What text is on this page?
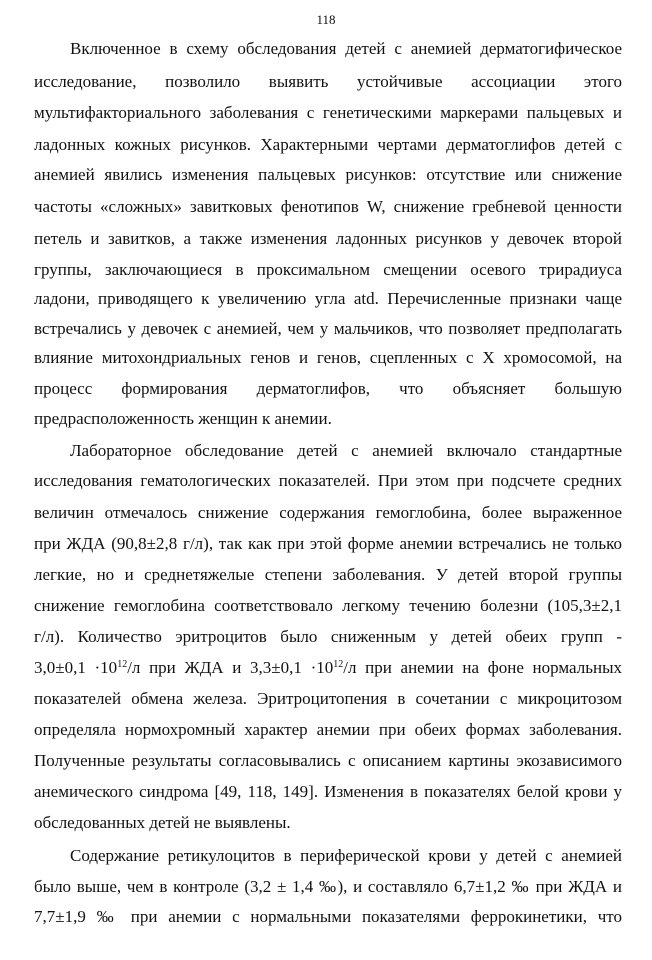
118
Включенное в схему обследования детей с анемией дерматогифическое
исследование, позволило выявить устойчивые ассоциации этого
мультифакториального заболевания с генетическими маркерами пальцевых и
ладонных кожных рисунков. Характерными чертами дерматоглифов детей с
анемией явились изменения пальцевых рисунков: отсутствие или снижение
частоты «сложных» завитковых фенотипов W, снижение гребневой ценности
петель и завитков, а также изменения ладонных рисунков у девочек второй
группы, заключающиеся в проксимальном смещении осевого трирадиуса
ладони, приводящего к увеличению угла atd. Перечисленные признаки чаще
встречались у девочек с анемией, чем у мальчиков, что позволяет предполагать
влияние митохондриальных генов и генов, сцепленных с Х хромосомой, на
процесс формирования дерматоглифов, что объясняет большую
предрасположенность женщин к анемии.
Лабораторное обследование детей с анемией включало стандартные
исследования гематологических показателей. При этом при подсчете средних
величин отмечалось снижение содержания гемоглобина, более выраженное
при ЖДА (90,8±2,8 г/л), так как при этой форме анемии встречались не только
легкие, но и среднетяжелые степени заболевания. У детей второй группы
снижение гемоглобина соответствовало легкому течению болезни (105,3±2,1
г/л). Количество эритроцитов было сниженным у детей обеих групп -
$3,0\pm 0,1 \cdot 10^{12}/л$ при ЖДА и $3,3\pm 0,1 \cdot 10^{12}/л$ при анемии на фоне нормальных
показателей обмена железа. Эритроцитопения в сочетании с микроцитозом
определяла нормохромный характер анемии при обеих формах заболевания.
Полученные результаты согласовывались с описанием картины экозависимого
анемического синдрома [49, 118, 149]. Изменения в показателях белой крови у
обследованных детей не выявлены.
Содержание ретикулоцитов в периферической крови у детей с анемией
было выше, чем в контроле (3,2 ± 1,4 ‰), и составляло 6,7±1,2 ‰ при ЖДА и
7,7±1,9 ‰ при анемии с нормальными показателями феррокинетики, что
